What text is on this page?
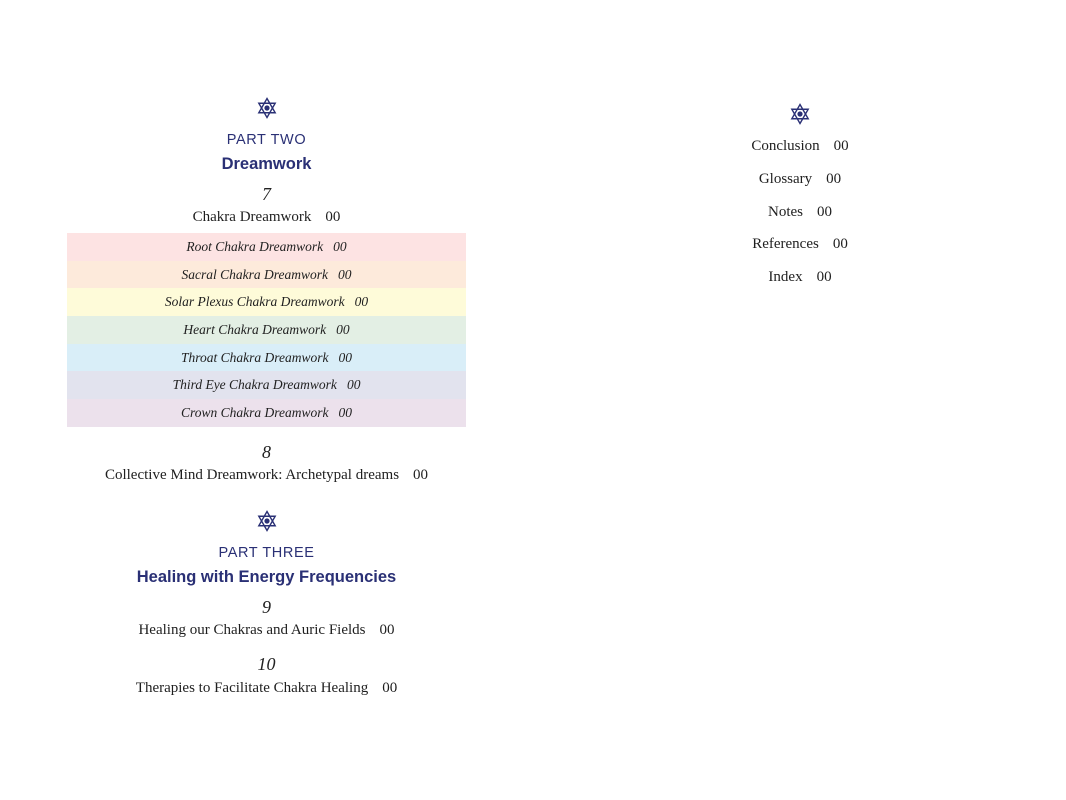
PART TWO
Dreamwork
7
Chakra Dreamwork 00
Root Chakra Dreamwork 00
Sacral Chakra Dreamwork 00
Solar Plexus Chakra Dreamwork 00
Heart Chakra Dreamwork 00
Throat Chakra Dreamwork 00
Third Eye Chakra Dreamwork 00
Crown Chakra Dreamwork 00
8
Collective Mind Dreamwork: Archetypal dreams 00
PART THREE
Healing with Energy Frequencies
9
Healing our Chakras and Auric Fields 00
10
Therapies to Facilitate Chakra Healing 00
Conclusion 00
Glossary 00
Notes 00
References 00
Index 00
